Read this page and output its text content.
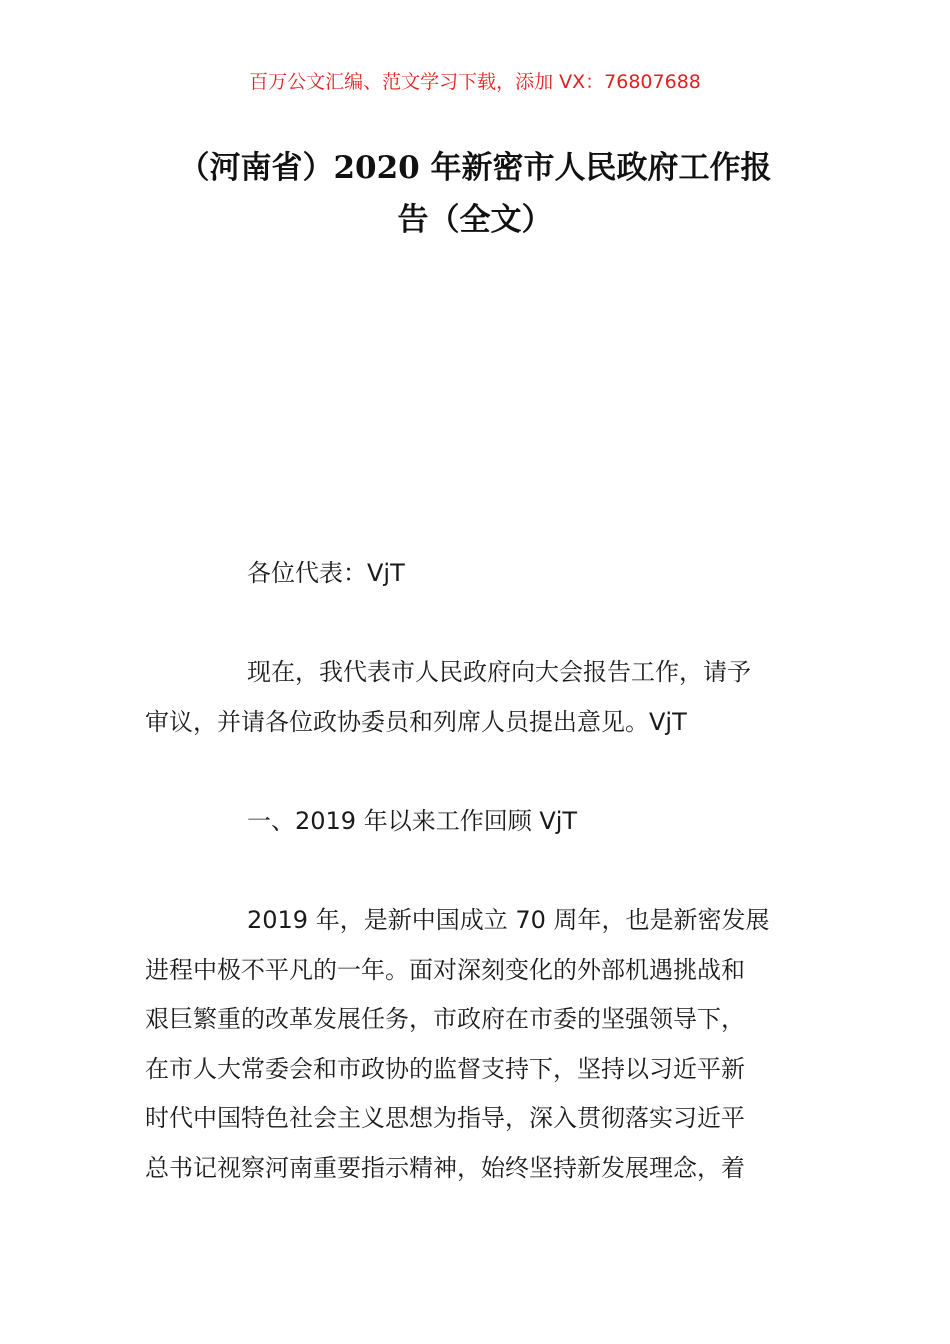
百万公文汇编、范文学习下载，添加 VX：76807688
（河南省）2020 年新密市人民政府工作报
告（全文）

各位代表：VjT

现在，我代表市人民政府向大会报告工作，请予
审议，并请各位政协委员和列席人员提出意见。VjT

一、2019 年以来工作回顾 VjT

2019 年，是新中国成立 70 周年，也是新密发展
进程中极不平凡的一年。面对深刻变化的外部机遇挑战和
艰巨繁重的改革发展任务，市政府在市委的坚强领导下，
在市人大常委会和市政协的监督支持下，坚持以习近平新
时代中国特色社会主义思想为指导，深入贯彻落实习近平
总书记视察河南重要指示精神，始终坚持新发展理念，着
